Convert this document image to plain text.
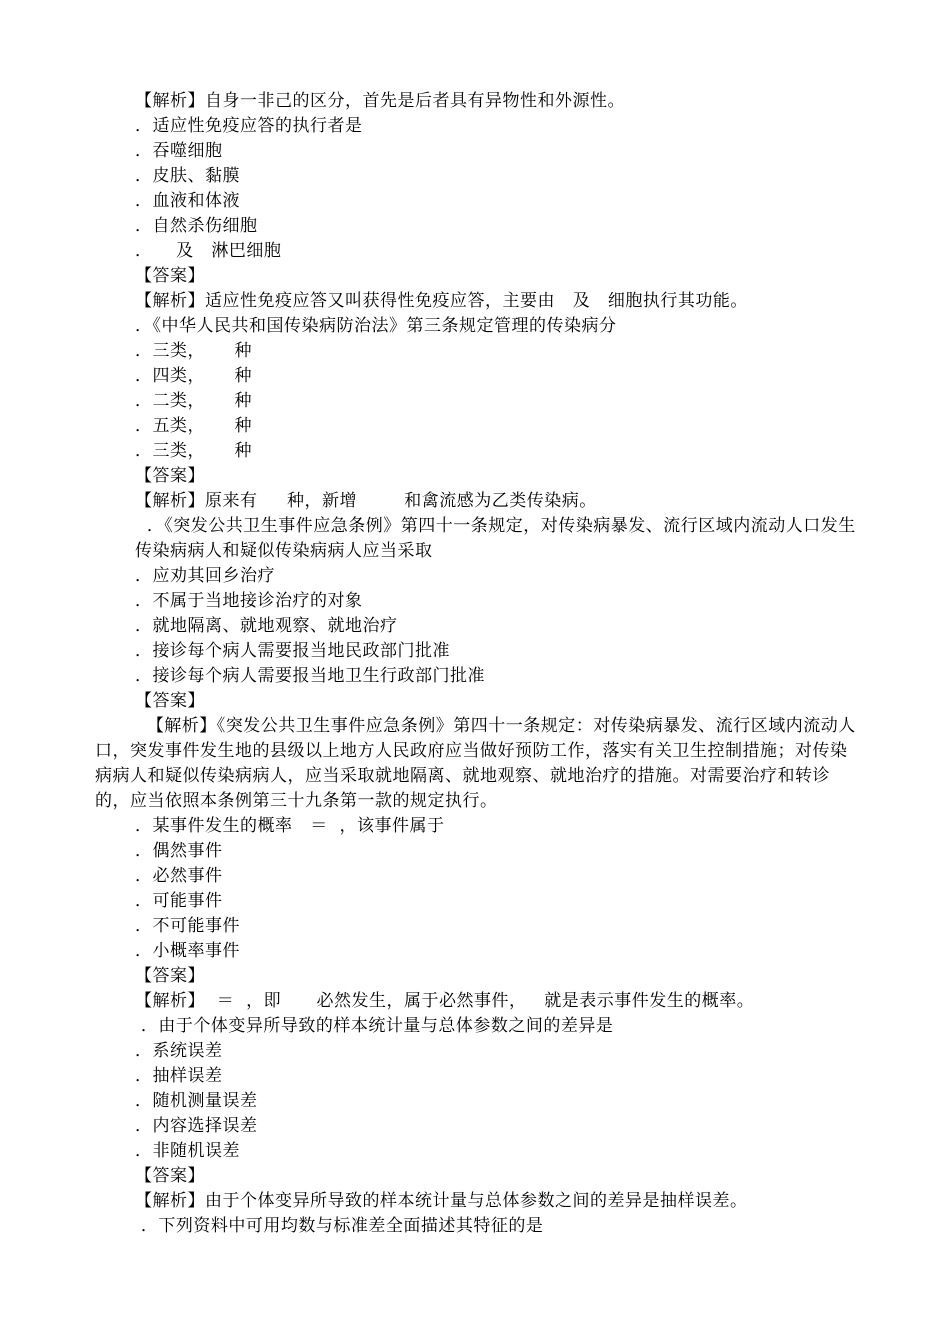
【解析】自身一非己的区分，首先是后者具有异物性和外源性。
．适应性免疫应答的执行者是
．吞噬细胞
．皮肤、黏膜
．血液和体液
．自然杀伤细胞
．    及   淋巴细胞
【答案】
【解析】适应性免疫应答又叫获得性免疫应答，主要由   及   细胞执行其功能。
．《中华人民共和国传染病防治法》第三条规定管理的传染病分
．三类，     种
．四类，     种
．二类，     种
．五类，     种
．三类，     种
【答案】
【解析】原来有     种，新增        和禽流感为乙类传染病。
．《突发公共卫生事件应急条例》第四十一条规定，对传染病暴发、流行区域内流动人口发生传染病病人和疑似传染病病人应当采取
．应劝其回乡治疗
．不属于当地接诊治疗的对象
．就地隔离、就地观察、就地治疗
．接诊每个病人需要报当地民政部门批准
．接诊每个病人需要报当地卫生行政部门批准
【答案】
【解析】《突发公共卫生事件应急条例》第四十一条规定：对传染病暴发、流行区域内流动人口，突发事件发生地的县级以上地方人民政府应当做好预防工作，落实有关卫生控制措施；对传染病病人和疑似传染病病人，应当采取就地隔离、就地观察、就地治疗的措施。对需要治疗和转诊的，应当依照本条例第三十九条第一款的规定执行。
．某事件发生的概率   ＝  ，该事件属于
．偶然事件
．必然事件
．可能事件
．不可能事件
．小概率事件
【答案】
【解析】  ＝  ，即      必然发生，属于必然事件，   就是表示事件发生的概率。
．由于个体变异所导致的样本统计量与总体参数之间的差异是
．系统误差
．抽样误差
．随机测量误差
．内容选择误差
．非随机误差
【答案】
【解析】由于个体变异所导致的样本统计量与总体参数之间的差异是抽样误差。
．下列资料中可用均数与标准差全面描述其特征的是
